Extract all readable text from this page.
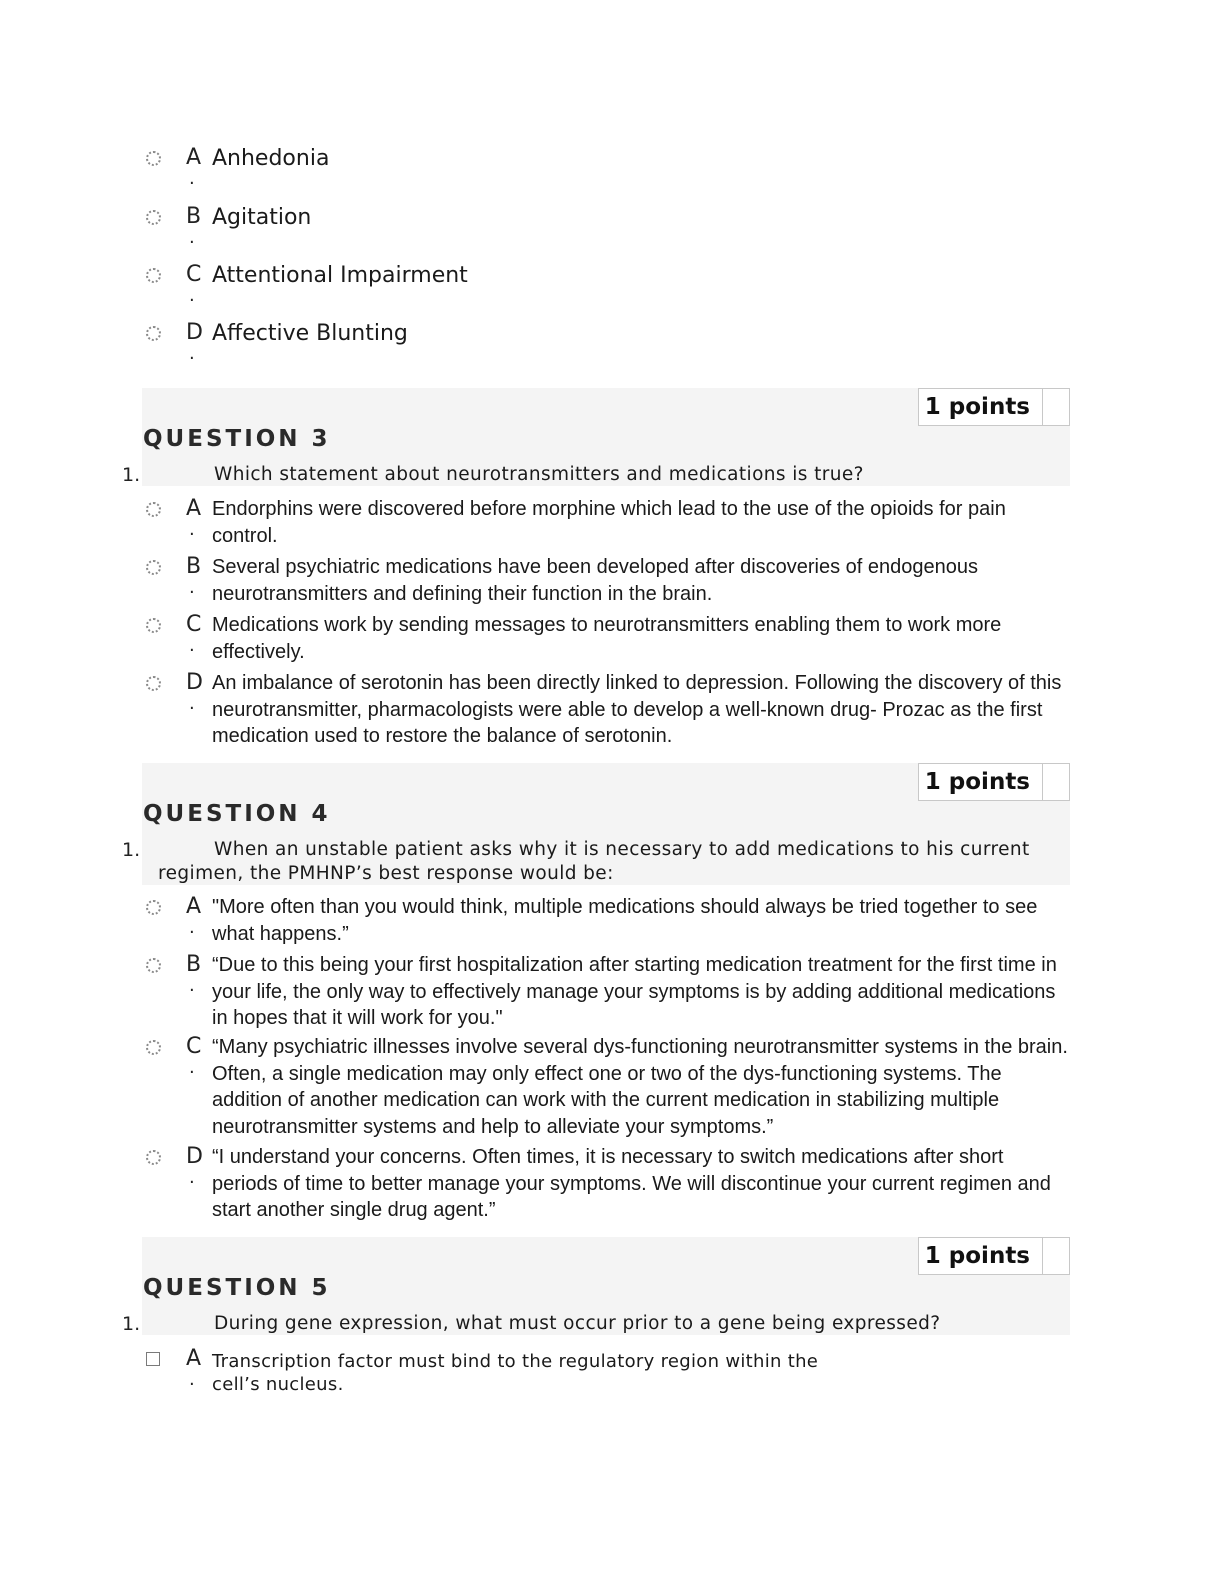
A
.
Anhedonia
B
.
Agitation
C
.
Attentional Impairment
D
.
Affective Blunting
1 points
QUESTION 3
1.	Which statement about neurotransmitters and medications is true?
A
.
Endorphins were discovered before morphine which lead to the use of the opioids for pain control.
B
.
Several psychiatric medications have been developed after discoveries of endogenous neurotransmitters and defining their function in the brain.
C
.
Medications work by sending messages to neurotransmitters enabling them to work more effectively.
D
.
An imbalance of serotonin has been directly linked to depression. Following the discovery of this neurotransmitter, pharmacologists were able to develop a well-known drug- Prozac as the first medication used to restore the balance of serotonin.
1 points
QUESTION 4
1.	When an unstable patient asks why it is necessary to add medications to his current regimen, the PMHNP’s best response would be:
A
.
"More often than you would think, multiple medications should always be tried together to see what happens.”
B
.
“Due to this being your first hospitalization after starting medication treatment for the first time in your life, the only way to effectively manage your symptoms is by adding additional medications in hopes that it will work for you."
C
.
“Many psychiatric illnesses involve several dys-functioning neurotransmitter systems in the brain. Often, a single medication may only effect one or two of the dys-functioning systems. The addition of another medication can work with the current medication in stabilizing multiple neurotransmitter systems and help to alleviate your symptoms.”
D
.
“I understand your concerns. Often times, it is necessary to switch medications after short periods of time to better manage your symptoms. We will discontinue your current regimen and start another single drug agent.”
1 points
QUESTION 5
1.	During gene expression, what must occur prior to a gene being expressed?
A
.
Transcription factor must bind to the regulatory region within the cell’s nucleus.
